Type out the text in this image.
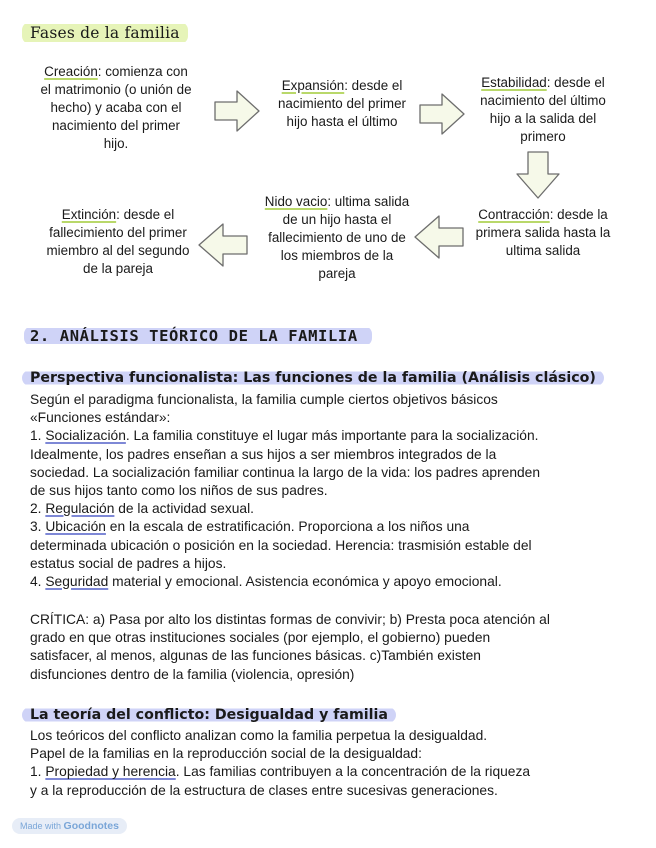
Fases de la familia
Creación: comienza con el matrimonio (o unión de hecho) y acaba con el nacimiento del primer hijo.
Expansión: desde el nacimiento del primer hijo hasta el último
Estabilidad: desde el nacimiento del último hijo a la salida del primero
Contracción: desde la primera salida hasta la ultima salida
Nido vacio: ultima salida de un hijo hasta el fallecimiento de uno de los miembros de la pareja
Extinción: desde el fallecimiento del primer miembro al del segundo de la pareja
2. ANÁLISIS TEÓRICO DE LA FAMILIA
Perspectiva funcionalista: Las funciones de la familia (Análisis clásico)

Según el paradigma funcionalista, la familia cumple ciertos objetivos básicos

«Funciones estándar»:

1. Socialización. La familia constituye el lugar más importante para la socialización.

Idealmente, los padres enseñan a sus hijos a ser miembros integrados de la

sociedad. La socialización familiar continua la largo de la vida: los padres aprenden

de sus hijos tanto como los niños de sus padres.

2. Regulación de la actividad sexual.

3. Ubicación en la escala de estratificación. Proporciona a los niños una

determinada ubicación o posición en la sociedad. Herencia: trasmisión estable del

estatus social de padres a hijos.

4. Seguridad material y emocional. Asistencia económica y apoyo emocional.

CRÍTICA: a) Pasa por alto los distintas formas de convivir; b) Presta poca atención al

grado en que otras instituciones sociales (por ejemplo, el gobierno) pueden

satisfacer, al menos, algunas de las funciones básicas. c)También existen

disfunciones dentro de la familia (violencia, opresión)

La teoría del conflicto: Desigualdad y familia

Los teóricos del conflicto analizan como la familia perpetua la desigualdad.

Papel de la familias en la reproducción social de la desigualdad:

1. Propiedad y herencia. Las familias contribuyen a la concentración de la riqueza

y a la reproducción de la estructura de clases entre sucesivas generaciones.

Made with Goodnotes
